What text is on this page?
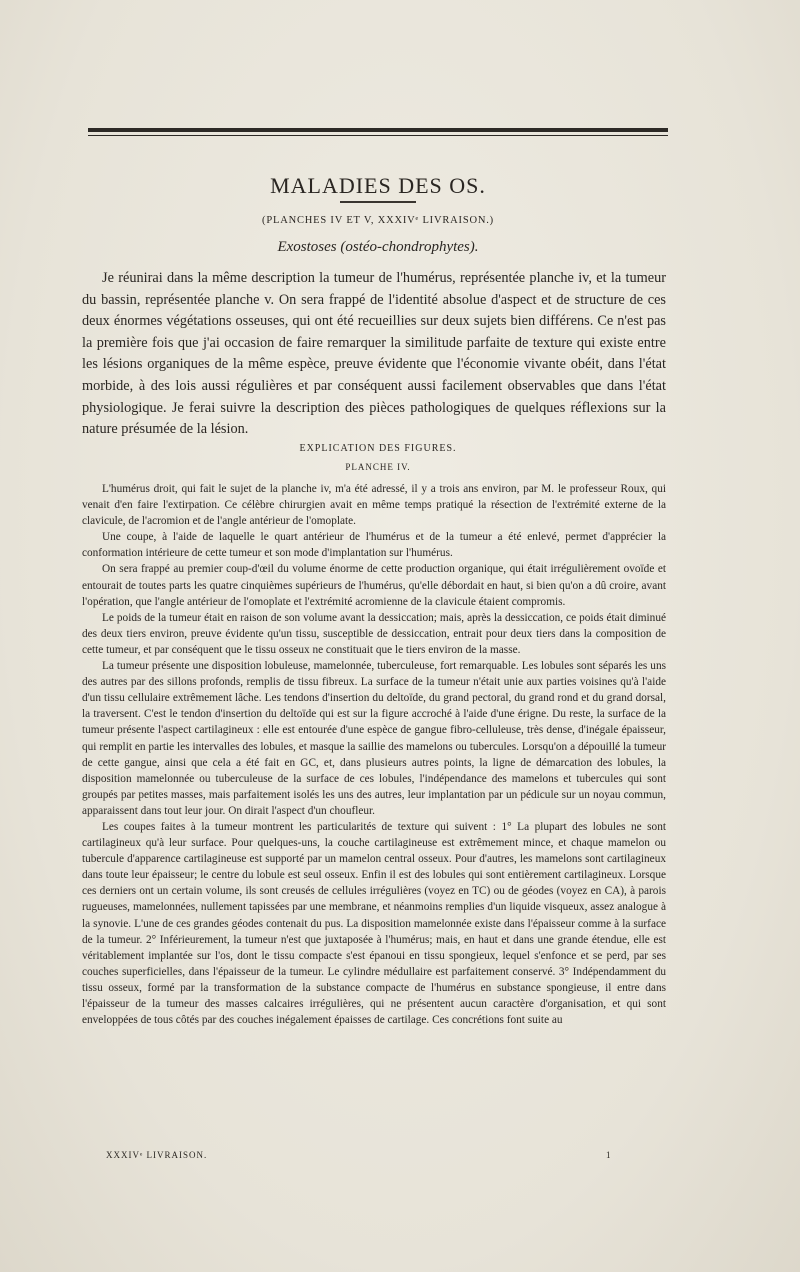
MALADIES DES OS.
(PLANCHES IV ET V, XXXIVᵉ LIVRAISON.)
Exostoses (ostéo-chondrophytes).

Je réunirai dans la même description la tumeur de l'humérus, représentée planche iv, et la tumeur du bassin, représentée planche v. On sera frappé de l'identité absolue d'aspect et de structure de ces deux énormes végétations osseuses, qui ont été recueillies sur deux sujets bien différens. Ce n'est pas la première fois que j'ai occasion de faire remarquer la similitude parfaite de texture qui existe entre les lésions organiques de la même espèce, preuve évidente que l'économie vivante obéit, dans l'état morbide, à des lois aussi régulières et par conséquent aussi facilement observables que dans l'état physiologique. Je ferai suivre la description des pièces pathologiques de quelques réflexions sur la nature présumée de la lésion.

EXPLICATION DES FIGURES.
PLANCHE IV.

L'humérus droit, qui fait le sujet de la planche iv, m'a été adressé, il y a trois ans environ, par M. le professeur Roux, qui venait d'en faire l'extirpation. Ce célèbre chirurgien avait en même temps pratiqué la résection de l'extrémité externe de la clavicule, de l'acromion et de l'angle antérieur de l'omoplate.

Une coupe, à l'aide de laquelle le quart antérieur de l'humérus et de la tumeur a été enlevé, permet d'apprécier la conformation intérieure de cette tumeur et son mode d'implantation sur l'humérus.

On sera frappé au premier coup-d'œil du volume énorme de cette production organique, qui était irrégulièrement ovoïde et entourait de toutes parts les quatre cinquièmes supérieurs de l'humérus, qu'elle débordait en haut, si bien qu'on a dû croire, avant l'opération, que l'angle antérieur de l'omoplate et l'extrémité acromienne de la clavicule étaient compromis.

Le poids de la tumeur était en raison de son volume avant la dessiccation; mais, après la dessiccation, ce poids était diminué des deux tiers environ, preuve évidente qu'un tissu, susceptible de dessiccation, entrait pour deux tiers dans la composition de cette tumeur, et par conséquent que le tissu osseux ne constituait que le tiers environ de la masse.

La tumeur présente une disposition lobuleuse, mamelonnée, tuberculeuse, fort remarquable. Les lobules sont séparés les uns des autres par des sillons profonds, remplis de tissu fibreux. La surface de la tumeur n'était unie aux parties voisines qu'à l'aide d'un tissu cellulaire extrêmement lâche. Les tendons d'insertion du deltoïde, du grand pectoral, du grand rond et du grand dorsal, la traversent. C'est le tendon d'insertion du deltoïde qui est sur la figure accroché à l'aide d'une érigne. Du reste, la surface de la tumeur présente l'aspect cartilagineux : elle est entourée d'une espèce de gangue fibro-celluleuse, très dense, d'inégale épaisseur, qui remplit en partie les intervalles des lobules, et masque la saillie des mamelons ou tubercules. Lorsqu'on a dépouillé la tumeur de cette gangue, ainsi que cela a été fait en GC, et, dans plusieurs autres points, la ligne de démarcation des lobules, la disposition mamelonnée ou tuberculeuse de la surface de ces lobules, l'indépendance des mamelons et tubercules qui sont groupés par petites masses, mais parfaitement isolés les uns des autres, leur implantation par un pédicule sur un noyau commun, apparaissent dans tout leur jour. On dirait l'aspect d'un choufleur.

Les coupes faites à la tumeur montrent les particularités de texture qui suivent : 1° La plupart des lobules ne sont cartilagineux qu'à leur surface. Pour quelques-uns, la couche cartilagineuse est extrêmement mince, et chaque mamelon ou tubercule d'apparence cartilagineuse est supporté par un mamelon central osseux. Pour d'autres, les mamelons sont cartilagineux dans toute leur épaisseur; le centre du lobule est seul osseux. Enfin il est des lobules qui sont entièrement cartilagineux. Lorsque ces derniers ont un certain volume, ils sont creusés de cellules irrégulières (voyez en TC) ou de géodes (voyez en CA), à parois rugueuses, mamelonnées, nullement tapissées par une membrane, et néanmoins remplies d'un liquide visqueux, assez analogue à la synovie. L'une de ces grandes géodes contenait du pus. La disposition mamelonnée existe dans l'épaisseur comme à la surface de la tumeur. 2° Inférieurement, la tumeur n'est que juxtaposée à l'humérus; mais, en haut et dans une grande étendue, elle est véritablement implantée sur l'os, dont le tissu compacte s'est épanoui en tissu spongieux, lequel s'enfonce et se perd, par ses couches superficielles, dans l'épaisseur de la tumeur. Le cylindre médullaire est parfaitement conservé. 3° Indépendamment du tissu osseux, formé par la transformation de la substance compacte de l'humérus en substance spongieuse, il entre dans l'épaisseur de la tumeur des masses calcaires irrégulières, qui ne présentent aucun caractère d'organisation, et qui sont enveloppées de tous côtés par des couches inégalement épaisses de cartilage. Ces concrétions font suite au

XXXIVᵉ LIVRAISON.	1
